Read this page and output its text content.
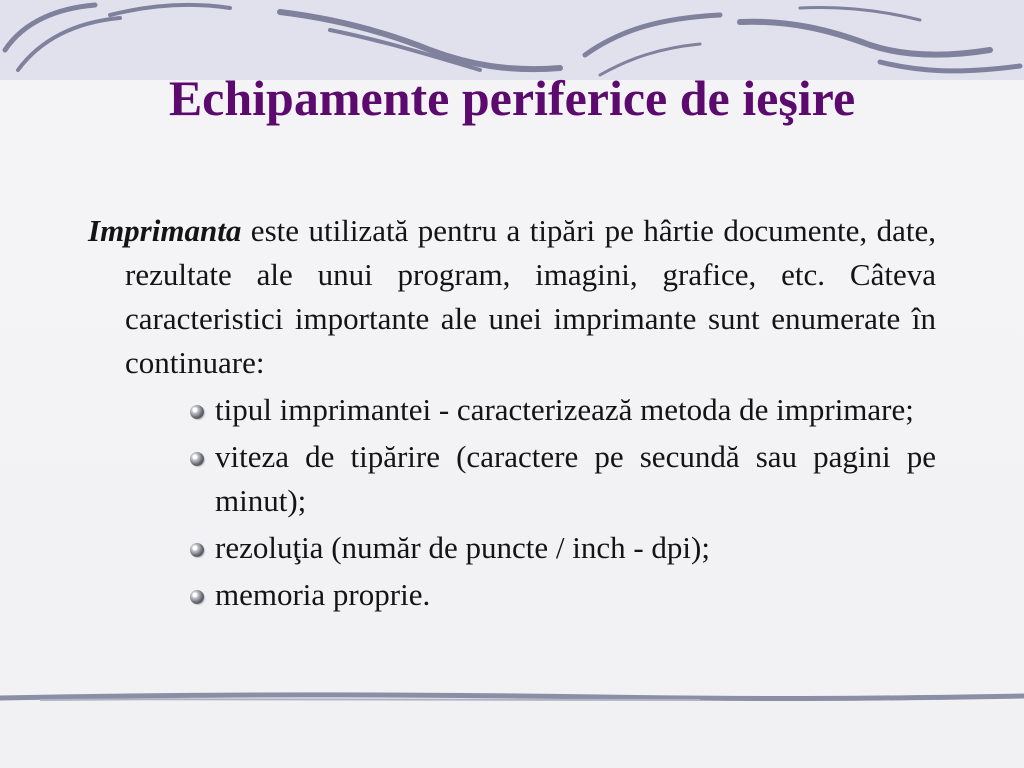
Echipamente periferice de ieşire

Imprimanta este utilizată pentru a tipări pe hârtie documente, date, rezultate ale unui program, imagini, grafice, etc. Câteva caracteristici importante ale unei imprimante sunt enumerate în continuare:

tipul imprimantei - caracterizează metoda de imprimare;
viteza de tipărire (caractere pe secundă sau pagini pe minut);
rezoluţia (număr de puncte / inch - dpi);
memoria proprie.
